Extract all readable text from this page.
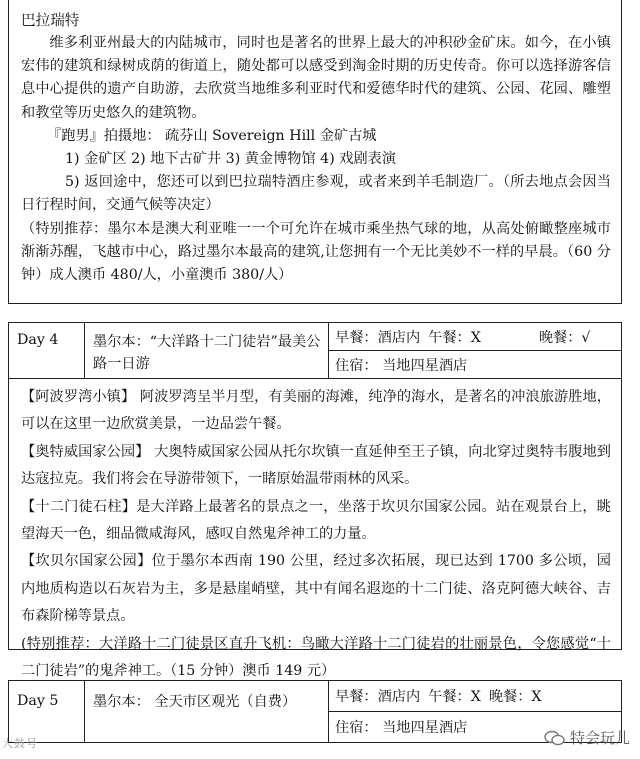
巴拉瑞特

维多利亚州最大的内陆城市，同时也是著名的世界上最大的冲积砂金矿床。如今，在小镇宏伟的建筑和绿树成荫的街道上，随处都可以感受到淘金时期的历史传奇。你可以选择游客信息中心提供的遗产自助游，去欣赏当地维多利亚时代和爱德华时代的建筑、公园、花园、雕塑和教堂等历史悠久的建筑物。

『跑男』拍摄地： 疏芬山 Sovereign Hill 金矿古城

1) 金矿区 2) 地下古矿井 3) 黄金博物馆 4) 戏剧表演

5) 返回途中，您还可以到巴拉瑞特酒庄参观，或者来到羊毛制造厂。（所去地点会因当日行程时间，交通气候等决定）

（特别推荐：墨尔本是澳大利亚唯一一个可允许在城市乘坐热气球的地，从高处俯瞰整座城市渐渐苏醒，飞越市中心，路过墨尔本最高的建筑,让您拥有一个无比美妙不一样的早晨。（60 分钟）成人澳币 480/人，小童澳币 380/人）

Day 4	墨尔本：“大洋路十二门徒岩”最美公路一日游
早餐：酒店内 午餐：X	晚餐：√
住宿： 当地四星酒店

【阿波罗湾小镇】 阿波罗湾呈半月型，有美丽的海滩，纯净的海水，是著名的冲浪旅游胜地，可以在这里一边欣赏美景，一边品尝午餐。

【奥特威国家公园】 大奥特威国家公园从托尔坎镇一直延伸至王子镇，向北穿过奥特韦腹地到达寇拉克。我们将会在导游带领下，一睹原始温带雨林的风采。

【十二门徒石柱】是大洋路上最著名的景点之一，坐落于坎贝尔国家公园。站在观景台上，眺望海天一色，细品微咸海风，感叹自然鬼斧神工的力量。

【坎贝尔国家公园】位于墨尔本西南 190 公里，经过多次拓展，现已达到 1700 多公顷，园内地质构造以石灰岩为主，多是悬崖峭壁，其中有闻名遐迩的十二门徒、洛克阿德大峡谷、吉布森阶梯等景点。

(特别推荐：大洋路十二门徒景区直升飞机：鸟瞰大洋路十二门徒岩的壮丽景色，令您感觉“十二门徒岩”的鬼斧神工。（15 分钟）澳币 149 元）

Day 5	墨尔本： 全天市区观光（自费）	早餐：酒店内 午餐：X 晚餐：X
住宿： 当地四星酒店
大鼓号	特会玩儿
